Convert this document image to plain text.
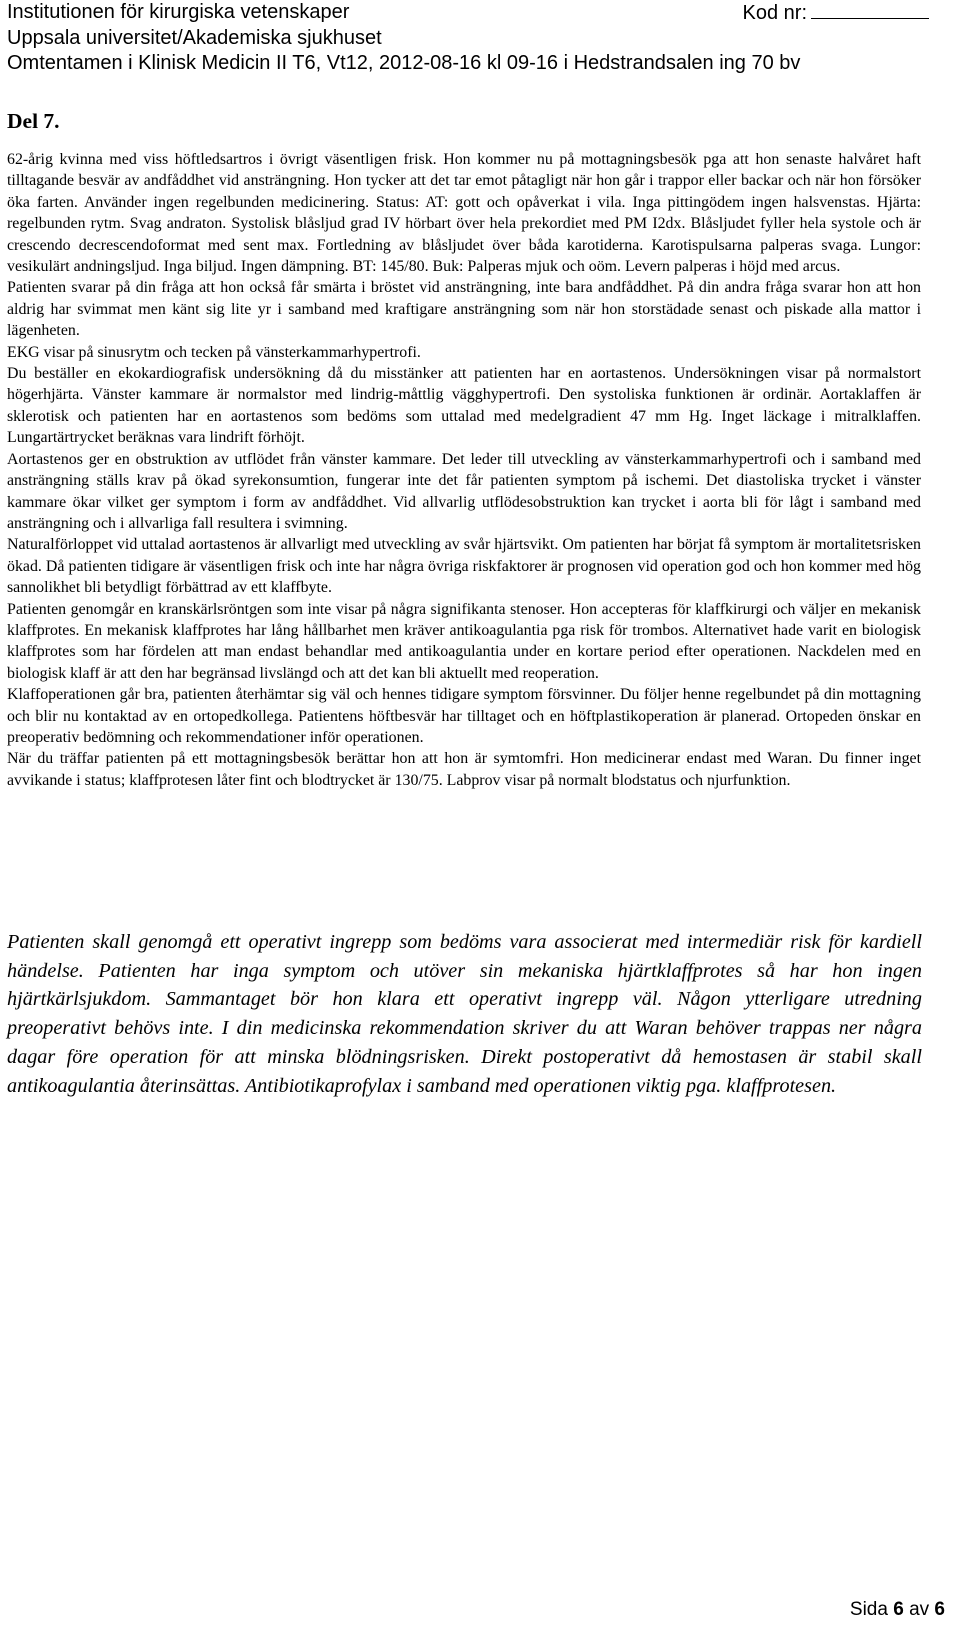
Institutionen för kirurgiska vetenskaper	Kod nr:
Uppsala universitet/Akademiska sjukhuset
Omtentamen i Klinisk Medicin II T6, Vt12, 2012-08-16 kl 09-16 i Hedstrandsalen ing 70 bv
Del 7.

62-årig kvinna med viss höftledsartros i övrigt väsentligen frisk. Hon kommer nu på mottagningsbesök pga att hon senaste halvåret haft tilltagande besvär av andfåddhet vid ansträngning. Hon tycker att det tar emot påtagligt när hon går i trappor eller backar och när hon försöker öka farten. Använder ingen regelbunden medicinering. Status: AT: gott och opåverkat i vila. Inga pittingödem ingen halsvenstas. Hjärta: regelbunden rytm. Svag andraton. Systolisk blåsljud grad IV hörbart över hela prekordiet med PM I2dx. Blåsljudet fyller hela systole och är crescendo decrescendoformat med sent max. Fortledning av blåsljudet över båda karotiderna. Karotispulsarna palperas svaga. Lungor: vesikulärt andningsljud. Inga biljud. Ingen dämpning. BT: 145/80. Buk: Palperas mjuk och oöm. Levern palperas i höjd med arcus.

Patienten svarar på din fråga att hon också får smärta i bröstet vid ansträngning, inte bara andfåddhet. På din andra fråga svarar hon att hon aldrig har svimmat men känt sig lite yr i samband med kraftigare ansträngning som när hon storstädade senast och piskade alla mattor i lägenheten.

EKG visar på sinusrytm och tecken på vänsterkammarhypertrofi.

Du beställer en ekokardiografisk undersökning då du misstänker att patienten har en aortastenos. Undersökningen visar på normalstort högerhjärta. Vänster kammare är normalstor med lindrig-måttlig vägghypertrofi. Den systoliska funktionen är ordinär. Aortaklaffen är sklerotisk och patienten har en aortastenos som bedöms som uttalad med medelgradient 47 mm Hg. Inget läckage i mitralklaffen. Lungartärtrycket beräknas vara lindrift förhöjt.

Aortastenos ger en obstruktion av utflödet från vänster kammare. Det leder till utveckling av vänsterkammarhypertrofi och i samband med ansträngning ställs krav på ökad syrekonsumtion, fungerar inte det får patienten symptom på ischemi. Det diastoliska trycket i vänster kammare ökar vilket ger symptom i form av andfåddhet. Vid allvarlig utflödesobstruktion kan trycket i aorta bli för lågt i samband med ansträngning och i allvarliga fall resultera i svimning.

Naturalförloppet vid uttalad aortastenos är allvarligt med utveckling av svår hjärtsvikt. Om patienten har börjat få symptom är mortalitetsrisken ökad. Då patienten tidigare är väsentligen frisk och inte har några övriga riskfaktorer är prognosen vid operation god och hon kommer med hög sannolikhet bli betydligt förbättrad av ett klaffbyte.

Patienten genomgår en kranskärlsröntgen som inte visar på några signifikanta stenoser. Hon accepteras för klaffkirurgi och väljer en mekanisk klaffprotes. En mekanisk klaffprotes har lång hållbarhet men kräver antikoagulantia pga risk för trombos. Alternativet hade varit en biologisk klaffprotes som har fördelen att man endast behandlar med antikoagulantia under en kortare period efter operationen. Nackdelen med en biologisk klaff är att den har begränsad livslängd och att det kan bli aktuellt med reoperation.

Klaffoperationen går bra, patienten återhämtar sig väl och hennes tidigare symptom försvinner. Du följer henne regelbundet på din mottagning och blir nu kontaktad av en ortopedkollega. Patientens höftbesvär har tilltaget och en höftplastikoperation är planerad. Ortopeden önskar en preoperativ bedömning och rekommendationer inför operationen.

När du träffar patienten på ett mottagningsbesök berättar hon att hon är symtomfri. Hon medicinerar endast med Waran. Du finner inget avvikande i status; klaffprotesen låter fint och blodtrycket är 130/75. Labprov visar på normalt blodstatus och njurfunktion.

Patienten skall genomgå ett operativt ingrepp som bedöms vara associerat med intermediär risk för kardiell händelse. Patienten har inga symptom och utöver sin mekaniska hjärtklaffprotes så har hon ingen hjärtkärlsjukdom. Sammantaget bör hon klara ett operativt ingrepp väl. Någon ytterligare utredning preoperativt behövs inte. I din medicinska rekommendation skriver du att Waran behöver trappas ner några dagar före operation för att minska blödningsrisken. Direkt postoperativt då hemostasen är stabil skall antikoagulantia återinsättas. Antibiotikaprofylax i samband med operationen viktig pga. klaffprotesen.

Sida 6 av 6
